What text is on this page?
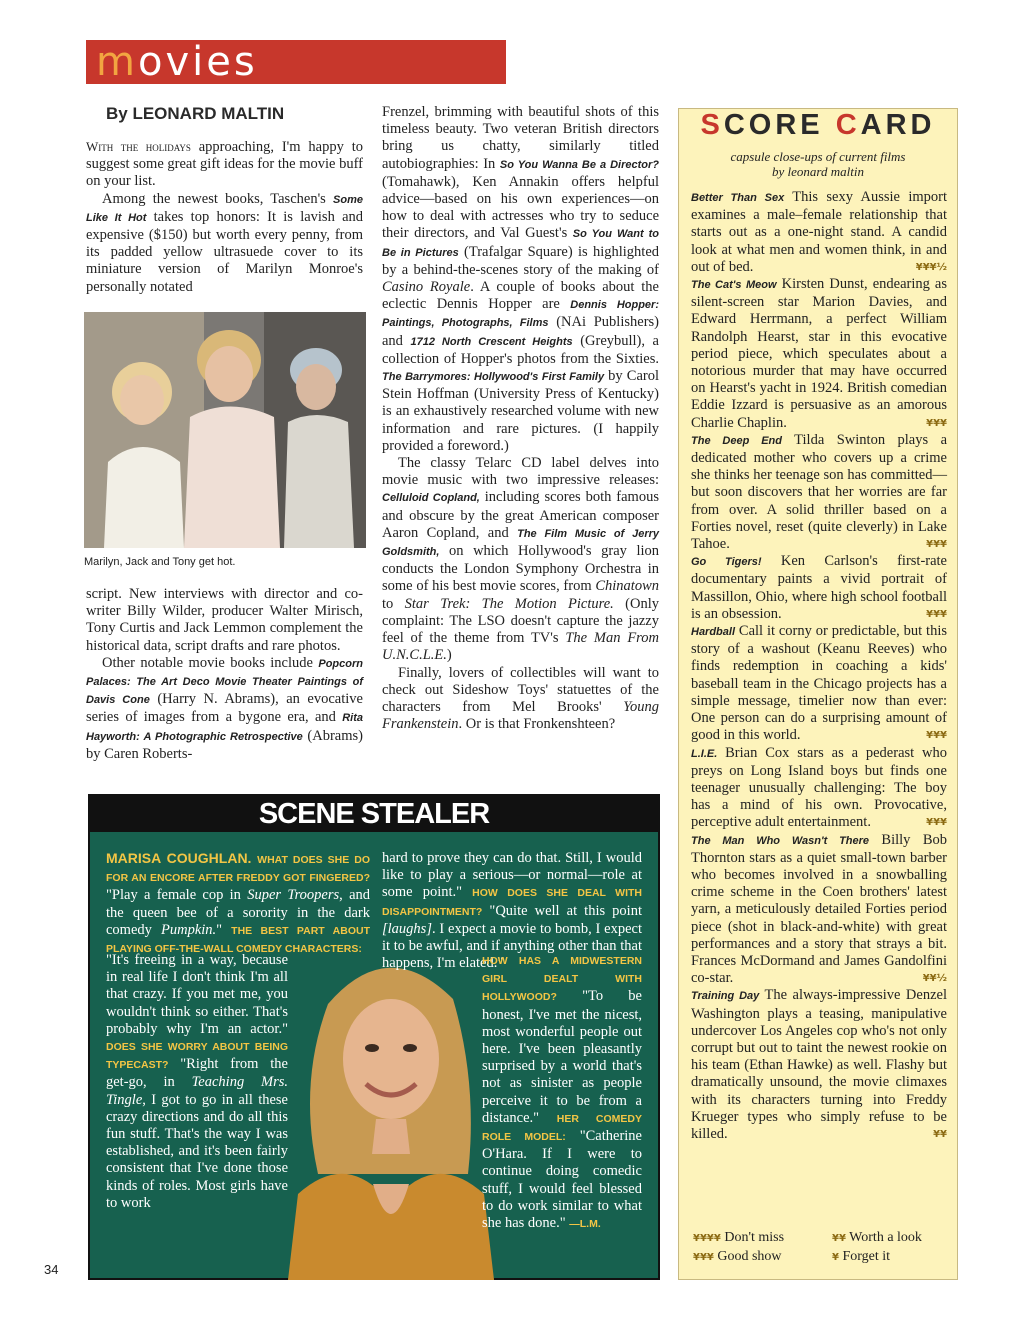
movies
By LEONARD MALTIN

With the holidays approaching, I'm happy to suggest some great gift ideas for the movie buff on your list.

Among the newest books, Taschen's Some Like It Hot takes top honors: It is lavish and expensive ($150) but worth every penny, from its padded yellow ultrasuede cover to its miniature version of Marilyn Monroe's personally notated

Marilyn, Jack and Tony get hot.

script. New interviews with director and co-writer Billy Wilder, producer Walter Mirisch, Tony Curtis and Jack Lemmon complement the historical data, script drafts and rare photos.

Other notable movie books include Popcorn Palaces: The Art Deco Movie Theater Paintings of Davis Cone (Harry N. Abrams), an evocative series of images from a bygone era, and Rita Hayworth: A Photographic Retrospective (Abrams) by Caren Roberts-

Frenzel, brimming with beautiful shots of this timeless beauty. Two veteran British directors bring us chatty, similarly titled autobiographies: In So You Wanna Be a Director? (Tomahawk), Ken Annakin offers helpful advice—based on his own experiences—on how to deal with actresses who try to seduce their directors, and Val Guest's So You Want to Be in Pictures (Trafalgar Square) is highlighted by a behind-the-scenes story of the making of Casino Royale. A couple of books about the eclectic Dennis Hopper are Dennis Hopper: Paintings, Photographs, Films (NAi Publishers) and 1712 North Crescent Heights (Greybull), a collection of Hopper's photos from the Sixties. The Barrymores: Hollywood's First Family by Carol Stein Hoffman (University Press of Kentucky) is an exhaustively researched volume with new information and rare pictures. (I happily provided a foreword.)

The classy Telarc CD label delves into movie music with two impressive releases: Celluloid Copland, including scores both famous and obscure by the great American composer Aaron Copland, and The Film Music of Jerry Goldsmith, on which Hollywood's gray lion conducts the London Symphony Orchestra in some of his best movie scores, from Chinatown to Star Trek: The Motion Picture. (Only complaint: The LSO doesn't capture the jazzy feel of the theme from TV's The Man From U.N.C.L.E.)

Finally, lovers of collectibles will want to check out Sideshow Toys' statuettes of the characters from Mel Brooks' Young Frankenstein. Or is that Fronkenshteen?

SCENE STEALER
MARISA COUGHLAN. WHAT DOES SHE DO FOR AN ENCORE AFTER FREDDY GOT FINGERED? "Play a female cop in Super Troopers, and the queen bee of a sorority in the dark comedy Pumpkin." THE BEST PART ABOUT PLAYING OFF-THE-WALL COMEDY CHARACTERS:
"It's freeing in a way, because in real life I don't think I'm all that crazy. If you met me, you wouldn't think so either. That's probably why I'm an actor." DOES SHE WORRY ABOUT BEING TYPECAST? "Right from the get-go, in Teaching Mrs. Tingle, I got to go in all these crazy directions and do all this fun stuff. That's the way I was established, and it's been fairly consistent that I've done those kinds of roles. Most girls have to work
hard to prove they can do that. Still, I would like to play a serious—or normal—role at some point." HOW DOES SHE DEAL WITH DISAPPOINTMENT? "Quite well at this point [laughs]. I expect a movie to bomb, I expect it to be awful, and if anything other than that happens, I'm elated."
HOW HAS A MIDWESTERN GIRL DEALT WITH HOLLYWOOD? "To be honest, I've met the nicest, most wonderful people out here. I've been pleasantly surprised by a world that's not as sinister as people perceive it to be from a distance." HER COMEDY ROLE MODEL: "Catherine O'Hara. If I were to continue doing comedic stuff, I would feel blessed to do work similar to what she has done." —L.M.
SCORE CARD
capsule close-ups of current films
by leonard maltin

Better Than Sex This sexy Aussie import examines a male–female relationship that starts out as a one-night stand. A candid look at what men and women think, in and out of bed.	¥¥¥½

The Cat's Meow Kirsten Dunst, endearing as silent-screen star Marion Davies, and Edward Herrmann, a perfect William Randolph Hearst, star in this evocative period piece, which speculates about a notorious murder that may have occurred on Hearst's yacht in 1924. British comedian Eddie Izzard is persuasive as an amorous Charlie Chaplin.	¥¥¥

The Deep End Tilda Swinton plays a dedicated mother who covers up a crime she thinks her teenage son has committed—but soon discovers that her worries are far from over. A solid thriller based on a Forties novel, reset (quite cleverly) in Lake Tahoe.	¥¥¥

Go Tigers! Ken Carlson's first-rate documentary paints a vivid portrait of Massillon, Ohio, where high school football is an obsession.	¥¥¥

Hardball Call it corny or predictable, but this story of a washout (Keanu Reeves) who finds redemption in coaching a kids' baseball team in the Chicago projects has a simple message, timelier now than ever: One person can do a surprising amount of good in this world.	¥¥¥

L.I.E. Brian Cox stars as a pederast who preys on Long Island boys but finds one teenager unusually challenging: The boy has a mind of his own. Provocative, perceptive adult entertainment.	¥¥¥

The Man Who Wasn't There Billy Bob Thornton stars as a quiet small-town barber who becomes involved in a snowballing crime scheme in the Coen brothers' latest yarn, a meticulously detailed Forties period piece (shot in black-and-white) with great performances and a story that strays a bit. Frances McDormand and James Gandolfini co-star.	¥¥½

Training Day The always-impressive Denzel Washington plays a teasing, manipulative undercover Los Angeles cop who's not only corrupt but out to taint the newest rookie on his team (Ethan Hawke) as well. Flashy but dramatically unsound, the movie climaxes with its characters turning into Freddy Krueger types who simply refuse to be killed.	¥¥

¥¥¥¥ Don't miss	¥¥ Worth a look
¥¥¥ Good show	¥ Forget it
34
